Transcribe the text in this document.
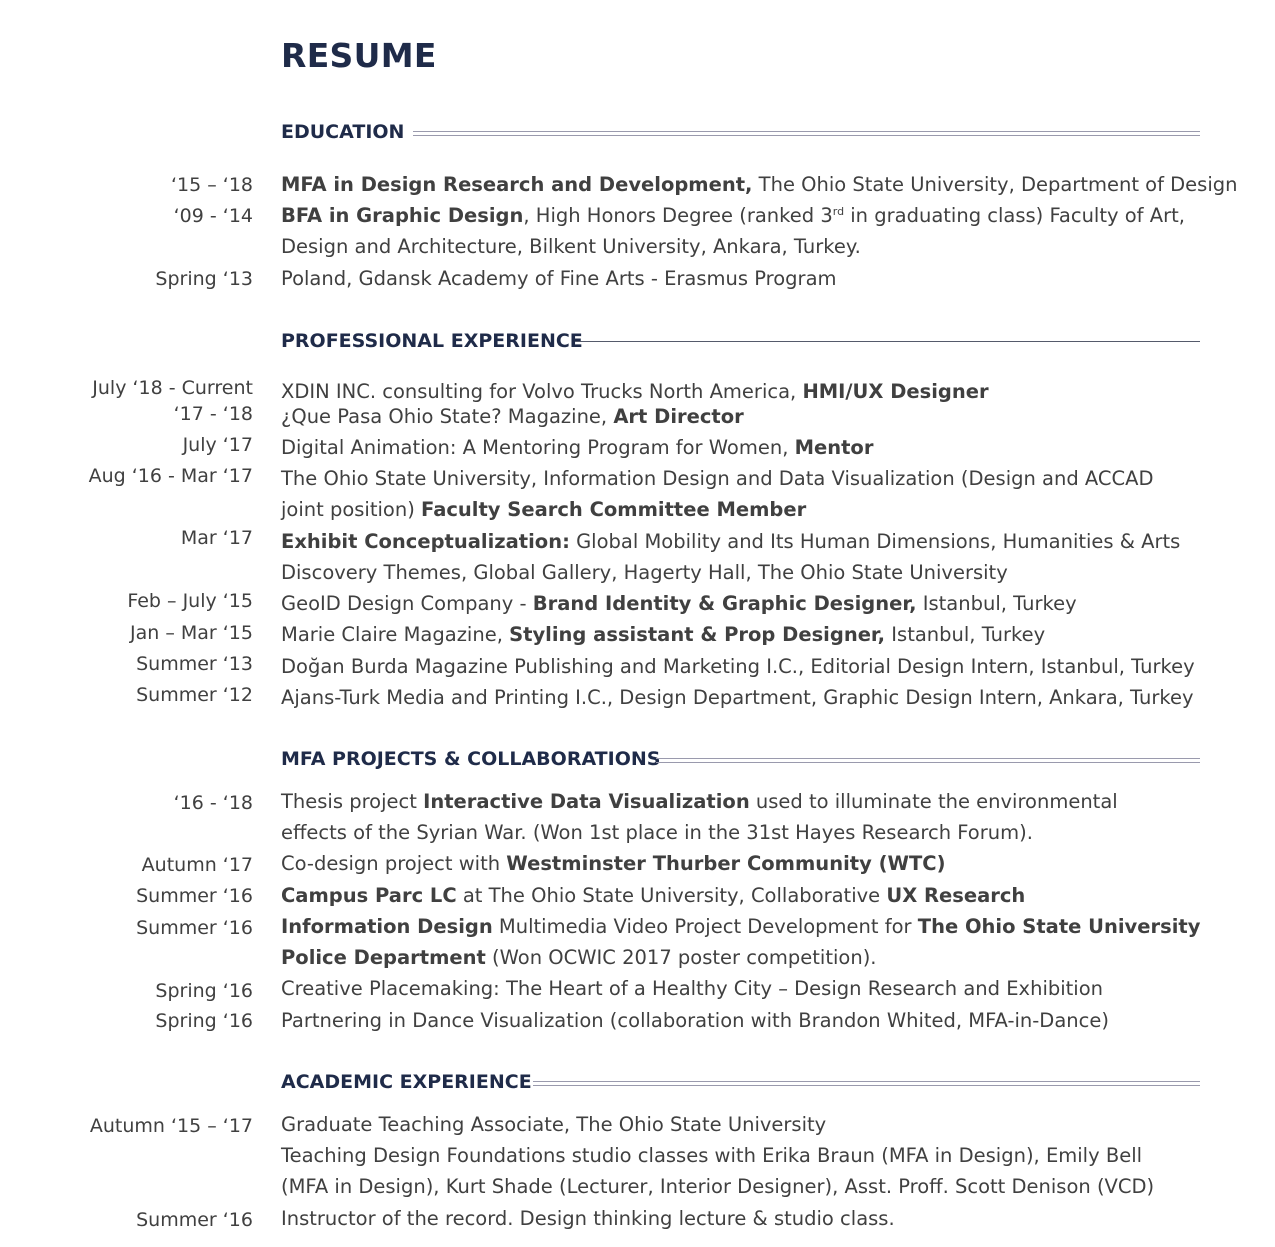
RESUME
EDUCATION
‘15 – ‘18 MFA in Design Research and Development, The Ohio State University, Department of Design
‘09 - ‘14 BFA in Graphic Design, High Honors Degree (ranked 3rd in graduating class) Faculty of Art,
Design and Architecture, Bilkent University, Ankara, Turkey.
Spring ‘13 Poland, Gdansk Academy of Fine Arts - Erasmus Program
PROFESSIONAL EXPERIENCE
July ‘18 - Current XDIN INC. consulting for Volvo Trucks North America, HMI/UX Designer
‘17 - ‘18 ¿Que Pasa Ohio State? Magazine, Art Director
July ‘17 Digital Animation: A Mentoring Program for Women, Mentor
Aug ‘16 - Mar ‘17 The Ohio State University, Information Design and Data Visualization (Design and ACCAD
joint position) Faculty Search Committee Member
Mar ‘17 Exhibit Conceptualization: Global Mobility and Its Human Dimensions, Humanities & Arts
Discovery Themes, Global Gallery, Hagerty Hall, The Ohio State University
Feb – July ‘15 GeoID Design Company - Brand Identity & Graphic Designer, Istanbul, Turkey
Jan – Mar ‘15 Marie Claire Magazine, Styling assistant & Prop Designer, Istanbul, Turkey
Summer ‘13 Doğan Burda Magazine Publishing and Marketing I.C., Editorial Design Intern, Istanbul, Turkey
Summer ‘12 Ajans-Turk Media and Printing I.C., Design Department, Graphic Design Intern, Ankara, Turkey
MFA PROJECTS & COLLABORATIONS
‘16 - ‘18 Thesis project Interactive Data Visualization used to illuminate the environmental
effects of the Syrian War. (Won 1st place in the 31st Hayes Research Forum).
Autumn ‘17 Co-design project with Westminster Thurber Community (WTC)
Summer ‘16 Campus Parc LC at The Ohio State University, Collaborative UX Research
Summer ‘16 Information Design Multimedia Video Project Development for The Ohio State University
Police Department (Won OCWIC 2017 poster competition).
Spring ‘16 Creative Placemaking: The Heart of a Healthy City – Design Research and Exhibition
Spring ‘16 Partnering in Dance Visualization (collaboration with Brandon Whited, MFA-in-Dance)
ACADEMIC EXPERIENCE
Autumn ‘15 – ‘17 Graduate Teaching Associate, The Ohio State University
Teaching Design Foundations studio classes with Erika Braun (MFA in Design), Emily Bell
(MFA in Design), Kurt Shade (Lecturer, Interior Designer), Asst. Proff. Scott Denison (VCD)
Summer ‘16 Instructor of the record. Design thinking lecture & studio class.
